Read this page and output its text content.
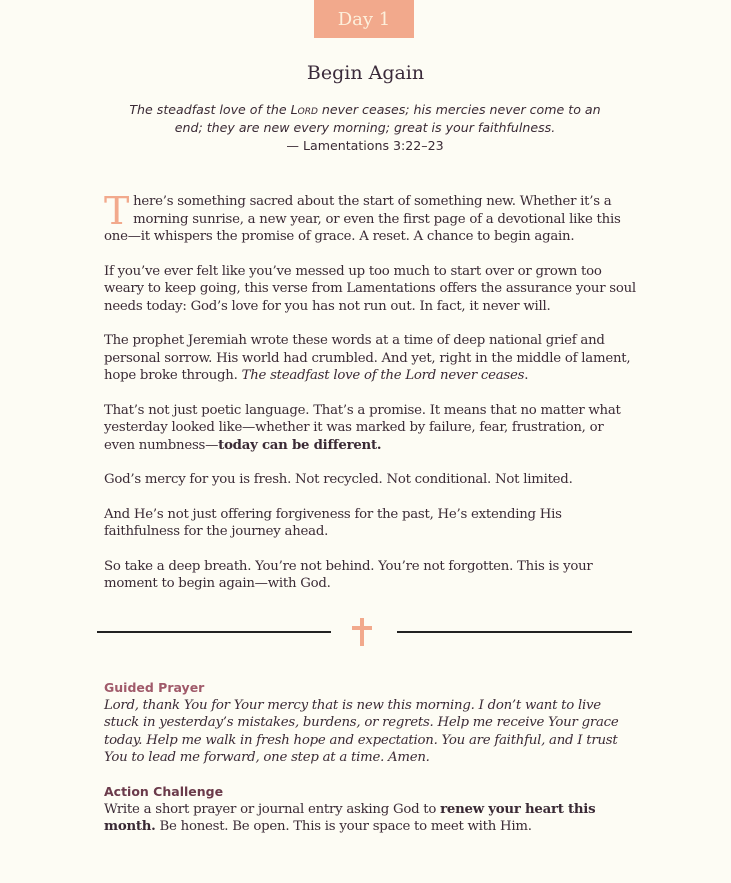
Day 1
Begin Again
The steadfast love of the Lord never ceases; his mercies never come to an end; they are new every morning; great is your faithfulness.
— Lamentations 3:22–23

There’s something sacred about the start of something new. Whether it’s a morning sunrise, a new year, or even the first page of a devotional like this one—it whispers the promise of grace. A reset. A chance to begin again.

If you’ve ever felt like you’ve messed up too much to start over or grown too weary to keep going, this verse from Lamentations offers the assurance your soul needs today: God’s love for you has not run out. In fact, it never will.

The prophet Jeremiah wrote these words at a time of deep national grief and personal sorrow. His world had crumbled. And yet, right in the middle of lament, hope broke through. The steadfast love of the Lord never ceases.

That’s not just poetic language. That’s a promise. It means that no matter what yesterday looked like—whether it was marked by failure, fear, frustration, or even numbness—today can be different.

God’s mercy for you is fresh. Not recycled. Not conditional. Not limited.

And He’s not just offering forgiveness for the past, He’s extending His faithfulness for the journey ahead.

So take a deep breath. You’re not behind. You’re not forgotten. This is your moment to begin again—with God.

Guided Prayer
Lord, thank You for Your mercy that is new this morning. I don’t want to live stuck in yesterday’s mistakes, burdens, or regrets. Help me receive Your grace today. Help me walk in fresh hope and expectation. You are faithful, and I trust You to lead me forward, one step at a time. Amen.
Action Challenge
Write a short prayer or journal entry asking God to renew your heart this month. Be honest. Be open. This is your space to meet with Him.
